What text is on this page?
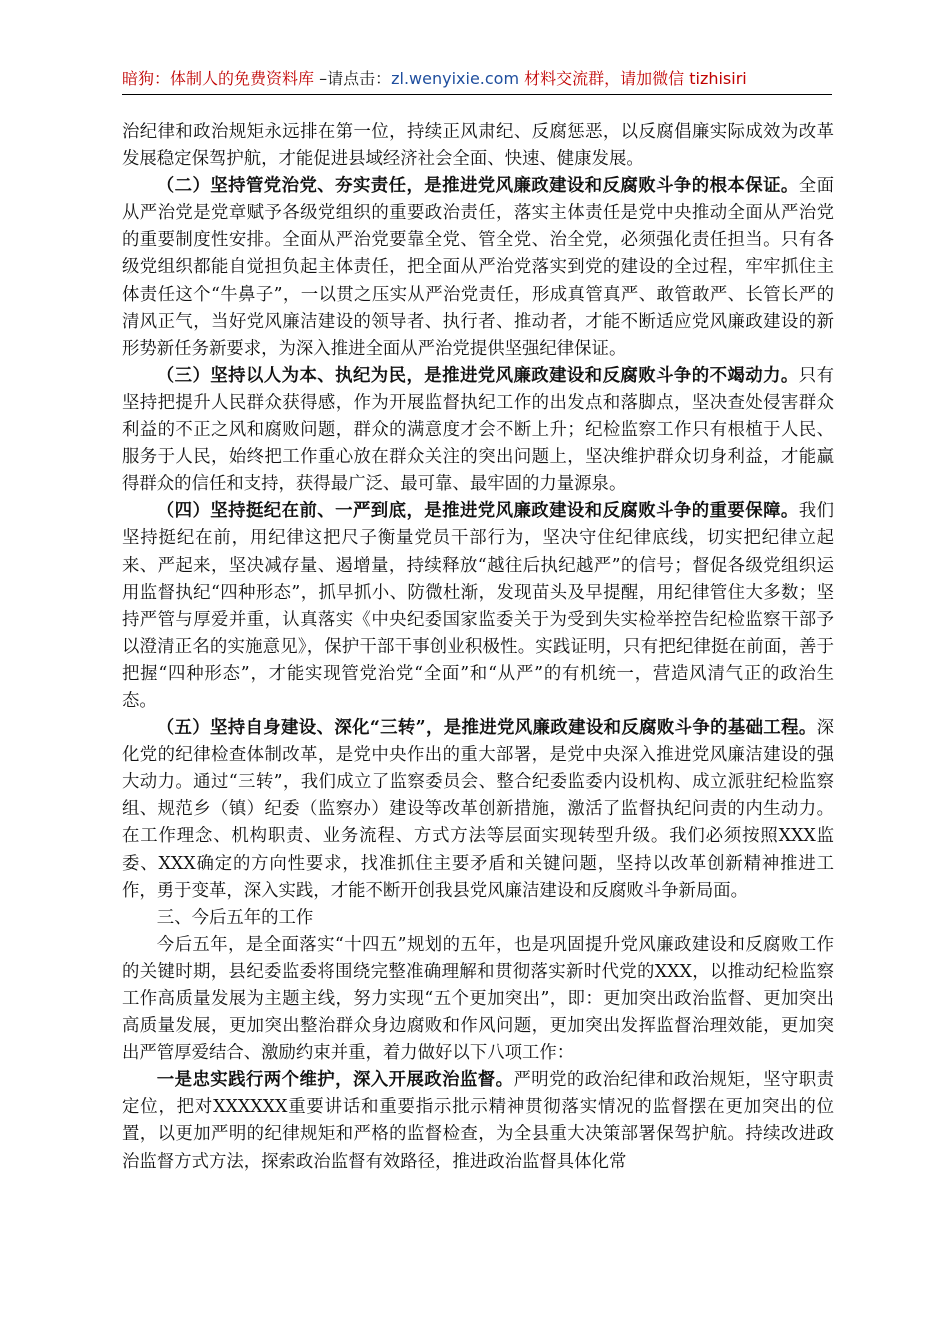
暗狗：体制人的免费资料库 –请点击：zl.wenyixie.com 材料交流群，请加微信 tizhisiri

治纪律和政治规矩永远排在第一位，持续正风肃纪、反腐惩恶，以反腐倡廉实际成效为改革发展稳定保驾护航，才能促进县域经济社会全面、快速、健康发展。

（二）坚持管党治党、夯实责任，是推进党风廉政建设和反腐败斗争的根本保证。全面从严治党是党章赋予各级党组织的重要政治责任，落实主体责任是党中央推动全面从严治党的重要制度性安排。全面从严治党要靠全党、管全党、治全党，必须强化责任担当。只有各级党组织都能自觉担负起主体责任，把全面从严治党落实到党的建设的全过程，牢牢抓住主体责任这个“牛鼻子”，一以贯之压实从严治党责任，形成真管真严、敢管敢严、长管长严的清风正气，当好党风廉洁建设的领导者、执行者、推动者，才能不断适应党风廉政建设的新形势新任务新要求，为深入推进全面从严治党提供坚强纪律保证。

（三）坚持以人为本、执纪为民，是推进党风廉政建设和反腐败斗争的不竭动力。只有坚持把提升人民群众获得感，作为开展监督执纪工作的出发点和落脚点，坚决查处侵害群众利益的不正之风和腐败问题，群众的满意度才会不断上升；纪检监察工作只有根植于人民、服务于人民，始终把工作重心放在群众关注的突出问题上，坚决维护群众切身利益，才能赢得群众的信任和支持，获得最广泛、最可靠、最牢固的力量源泉。

（四）坚持挺纪在前、一严到底，是推进党风廉政建设和反腐败斗争的重要保障。我们坚持挺纪在前，用纪律这把尺子衡量党员干部行为，坚决守住纪律底线，切实把纪律立起来、严起来，坚决减存量、遏增量，持续释放“越往后执纪越严”的信号；督促各级党组织运用监督执纪“四种形态”，抓早抓小、防微杜渐，发现苗头及早提醒，用纪律管住大多数；坚持严管与厚爱并重，认真落实《中央纪委国家监委关于为受到失实检举控告纪检监察干部予以澄清正名的实施意见》，保护干部干事创业积极性。实践证明，只有把纪律挺在前面，善于把握“四种形态”，才能实现管党治党“全面”和“从严”的有机统一，营造风清气正的政治生态。

（五）坚持自身建设、深化“三转”，是推进党风廉政建设和反腐败斗争的基础工程。深化党的纪律检查体制改革，是党中央作出的重大部署，是党中央深入推进党风廉洁建设的强大动力。通过“三转”，我们成立了监察委员会、整合纪委监委内设机构、成立派驻纪检监察组、规范乡（镇）纪委（监察办）建设等改革创新措施，激活了监督执纪问责的内生动力。在工作理念、机构职责、业务流程、方式方法等层面实现转型升级。我们必须按照XXX监委、XXX确定的方向性要求，找准抓住主要矛盾和关键问题，坚持以改革创新精神推进工作，勇于变革，深入实践，才能不断开创我县党风廉洁建设和反腐败斗争新局面。

三、今后五年的工作

今后五年，是全面落实“十四五”规划的五年，也是巩固提升党风廉政建设和反腐败工作的关键时期，县纪委监委将围绕完整准确理解和贯彻落实新时代党的XXX，以推动纪检监察工作高质量发展为主题主线，努力实现“五个更加突出”，即：更加突出政治监督、更加突出高质量发展，更加突出整治群众身边腐败和作风问题，更加突出发挥监督治理效能，更加突出严管厚爱结合、激励约束并重，着力做好以下八项工作：

一是忠实践行两个维护，深入开展政治监督。严明党的政治纪律和政治规矩，坚守职责定位，把对XXXXXX重要讲话和重要指示批示精神贯彻落实情况的监督摆在更加突出的位置，以更加严明的纪律规矩和严格的监督检查，为全县重大决策部署保驾护航。持续改进政治监督方式方法，探索政治监督有效路径，推进政治监督具体化常
